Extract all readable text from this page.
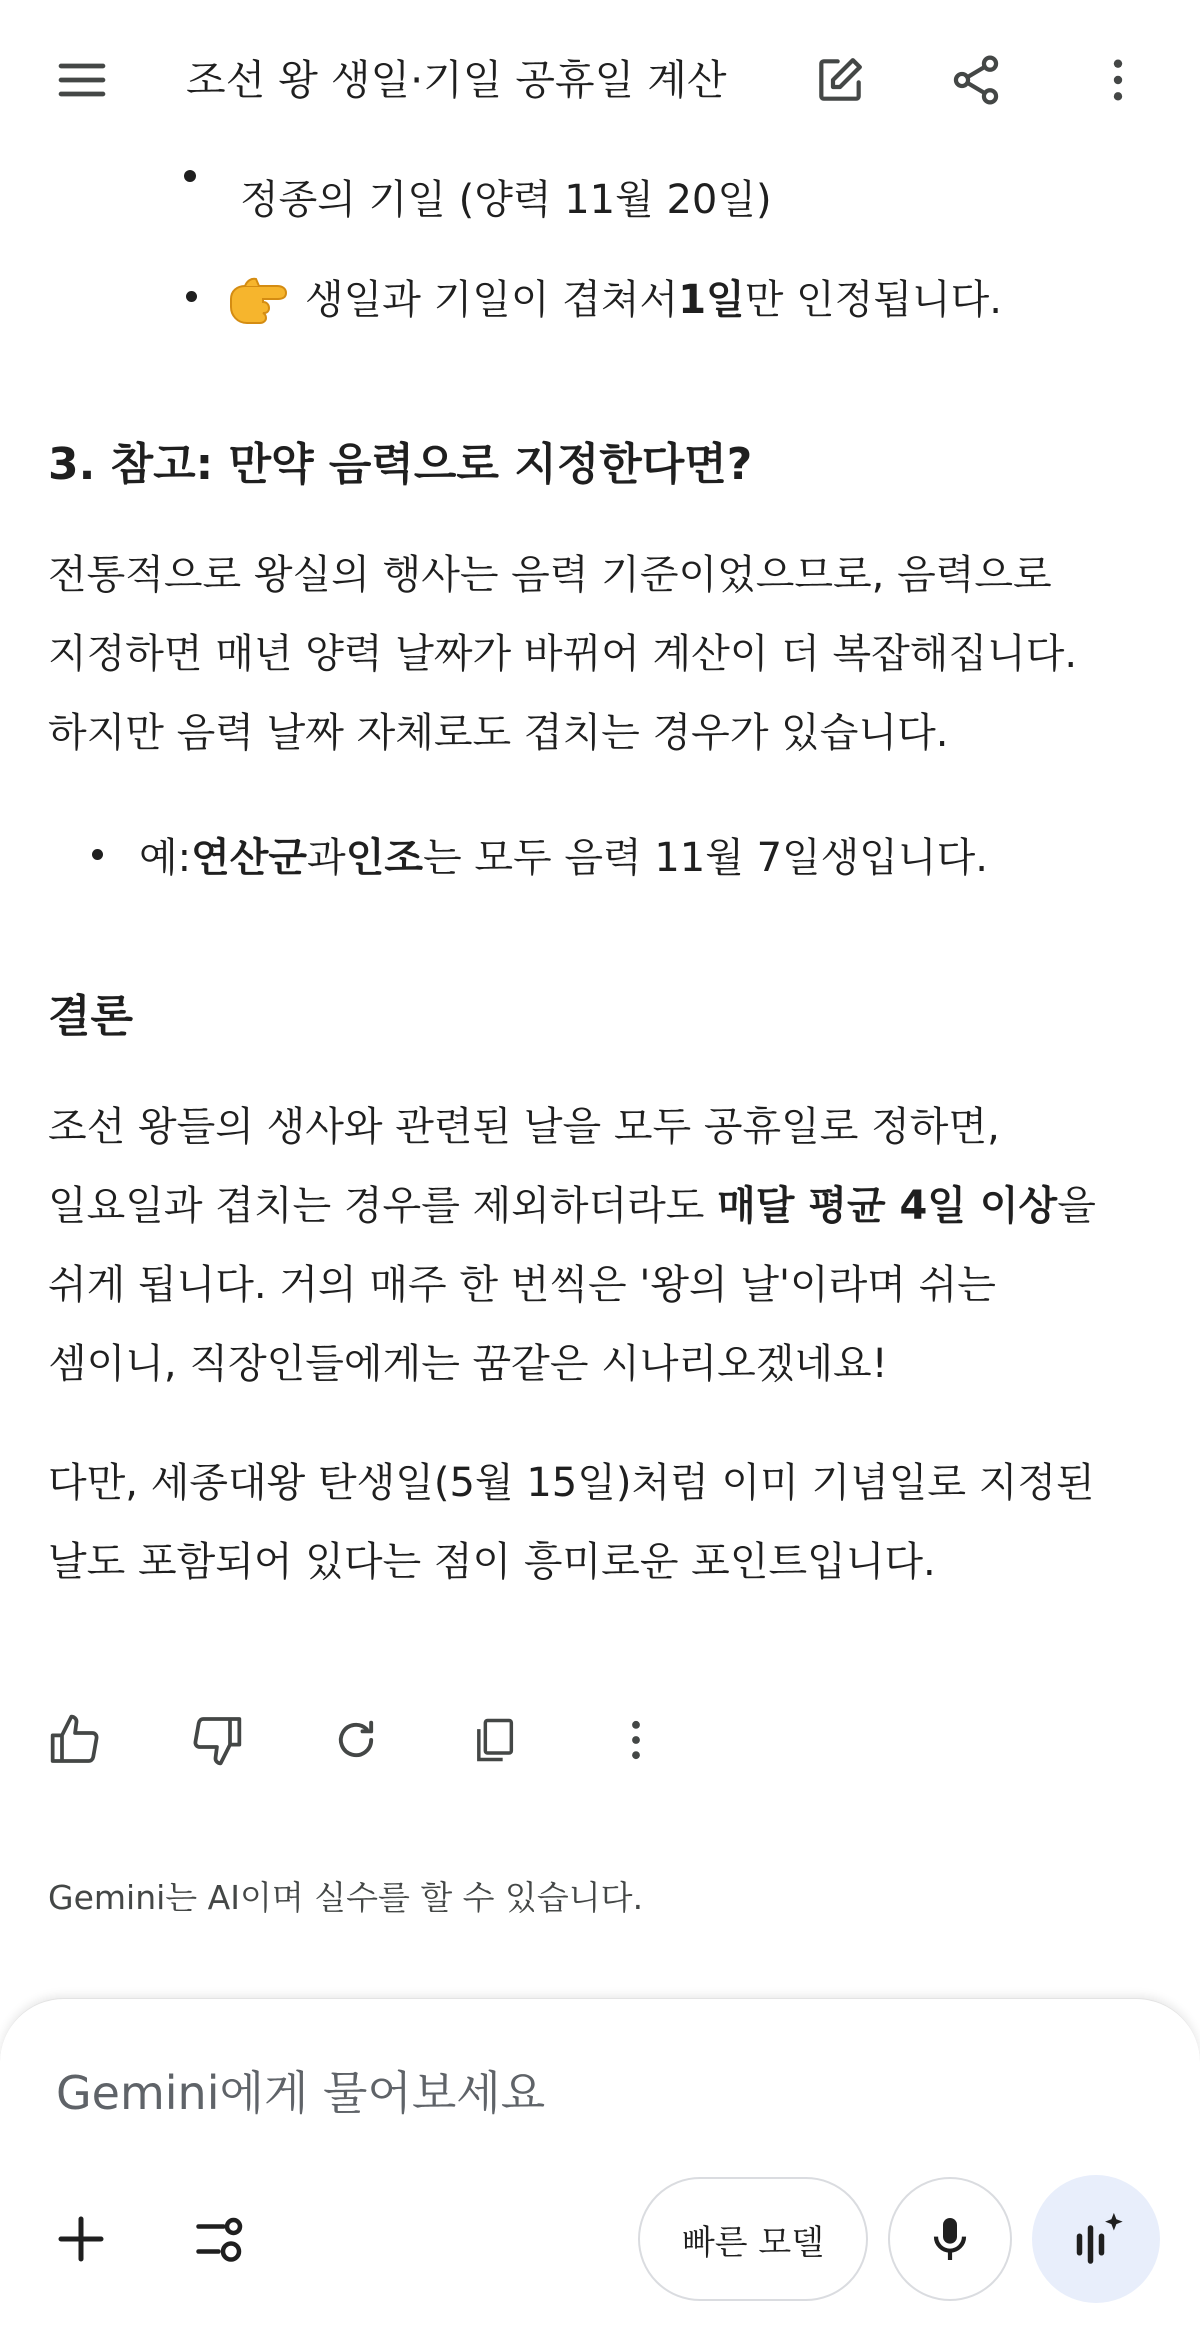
정종의 기일 (양력 11월 20일)
생일과 기일이 겹쳐서 1일 만 인정됩니다.
3. 참고: 만약 음력으로 지정한다면?
전통적으로 왕실의 행사는 음력 기준이었으므로, 음력으로
지정하면 매년 양력 날짜가 바뀌어 계산이 더 복잡해집니다.
하지만 음력 날짜 자체로도 겹치는 경우가 있습니다.
예: 연산군 과 인조 는 모두 음력 11월 7일생입니다.
결론
조선 왕들의 생사와 관련된 날을 모두 공휴일로 정하면,
일요일과 겹치는 경우를 제외하더라도 매달 평균 4일 이상을
쉬게 됩니다. 거의 매주 한 번씩은 '왕의 날'이라며 쉬는
셈이니, 직장인들에게는 꿈같은 시나리오겠네요!
다만, 세종대왕 탄생일(5월 15일)처럼 이미 기념일로 지정된
날도 포함되어 있다는 점이 흥미로운 포인트입니다.
Gemini는 AI이며 실수를 할 수 있습니다.
조선 왕 생일·기일 공휴일 계산
Gemini에게 물어보세요
빠른 모델
